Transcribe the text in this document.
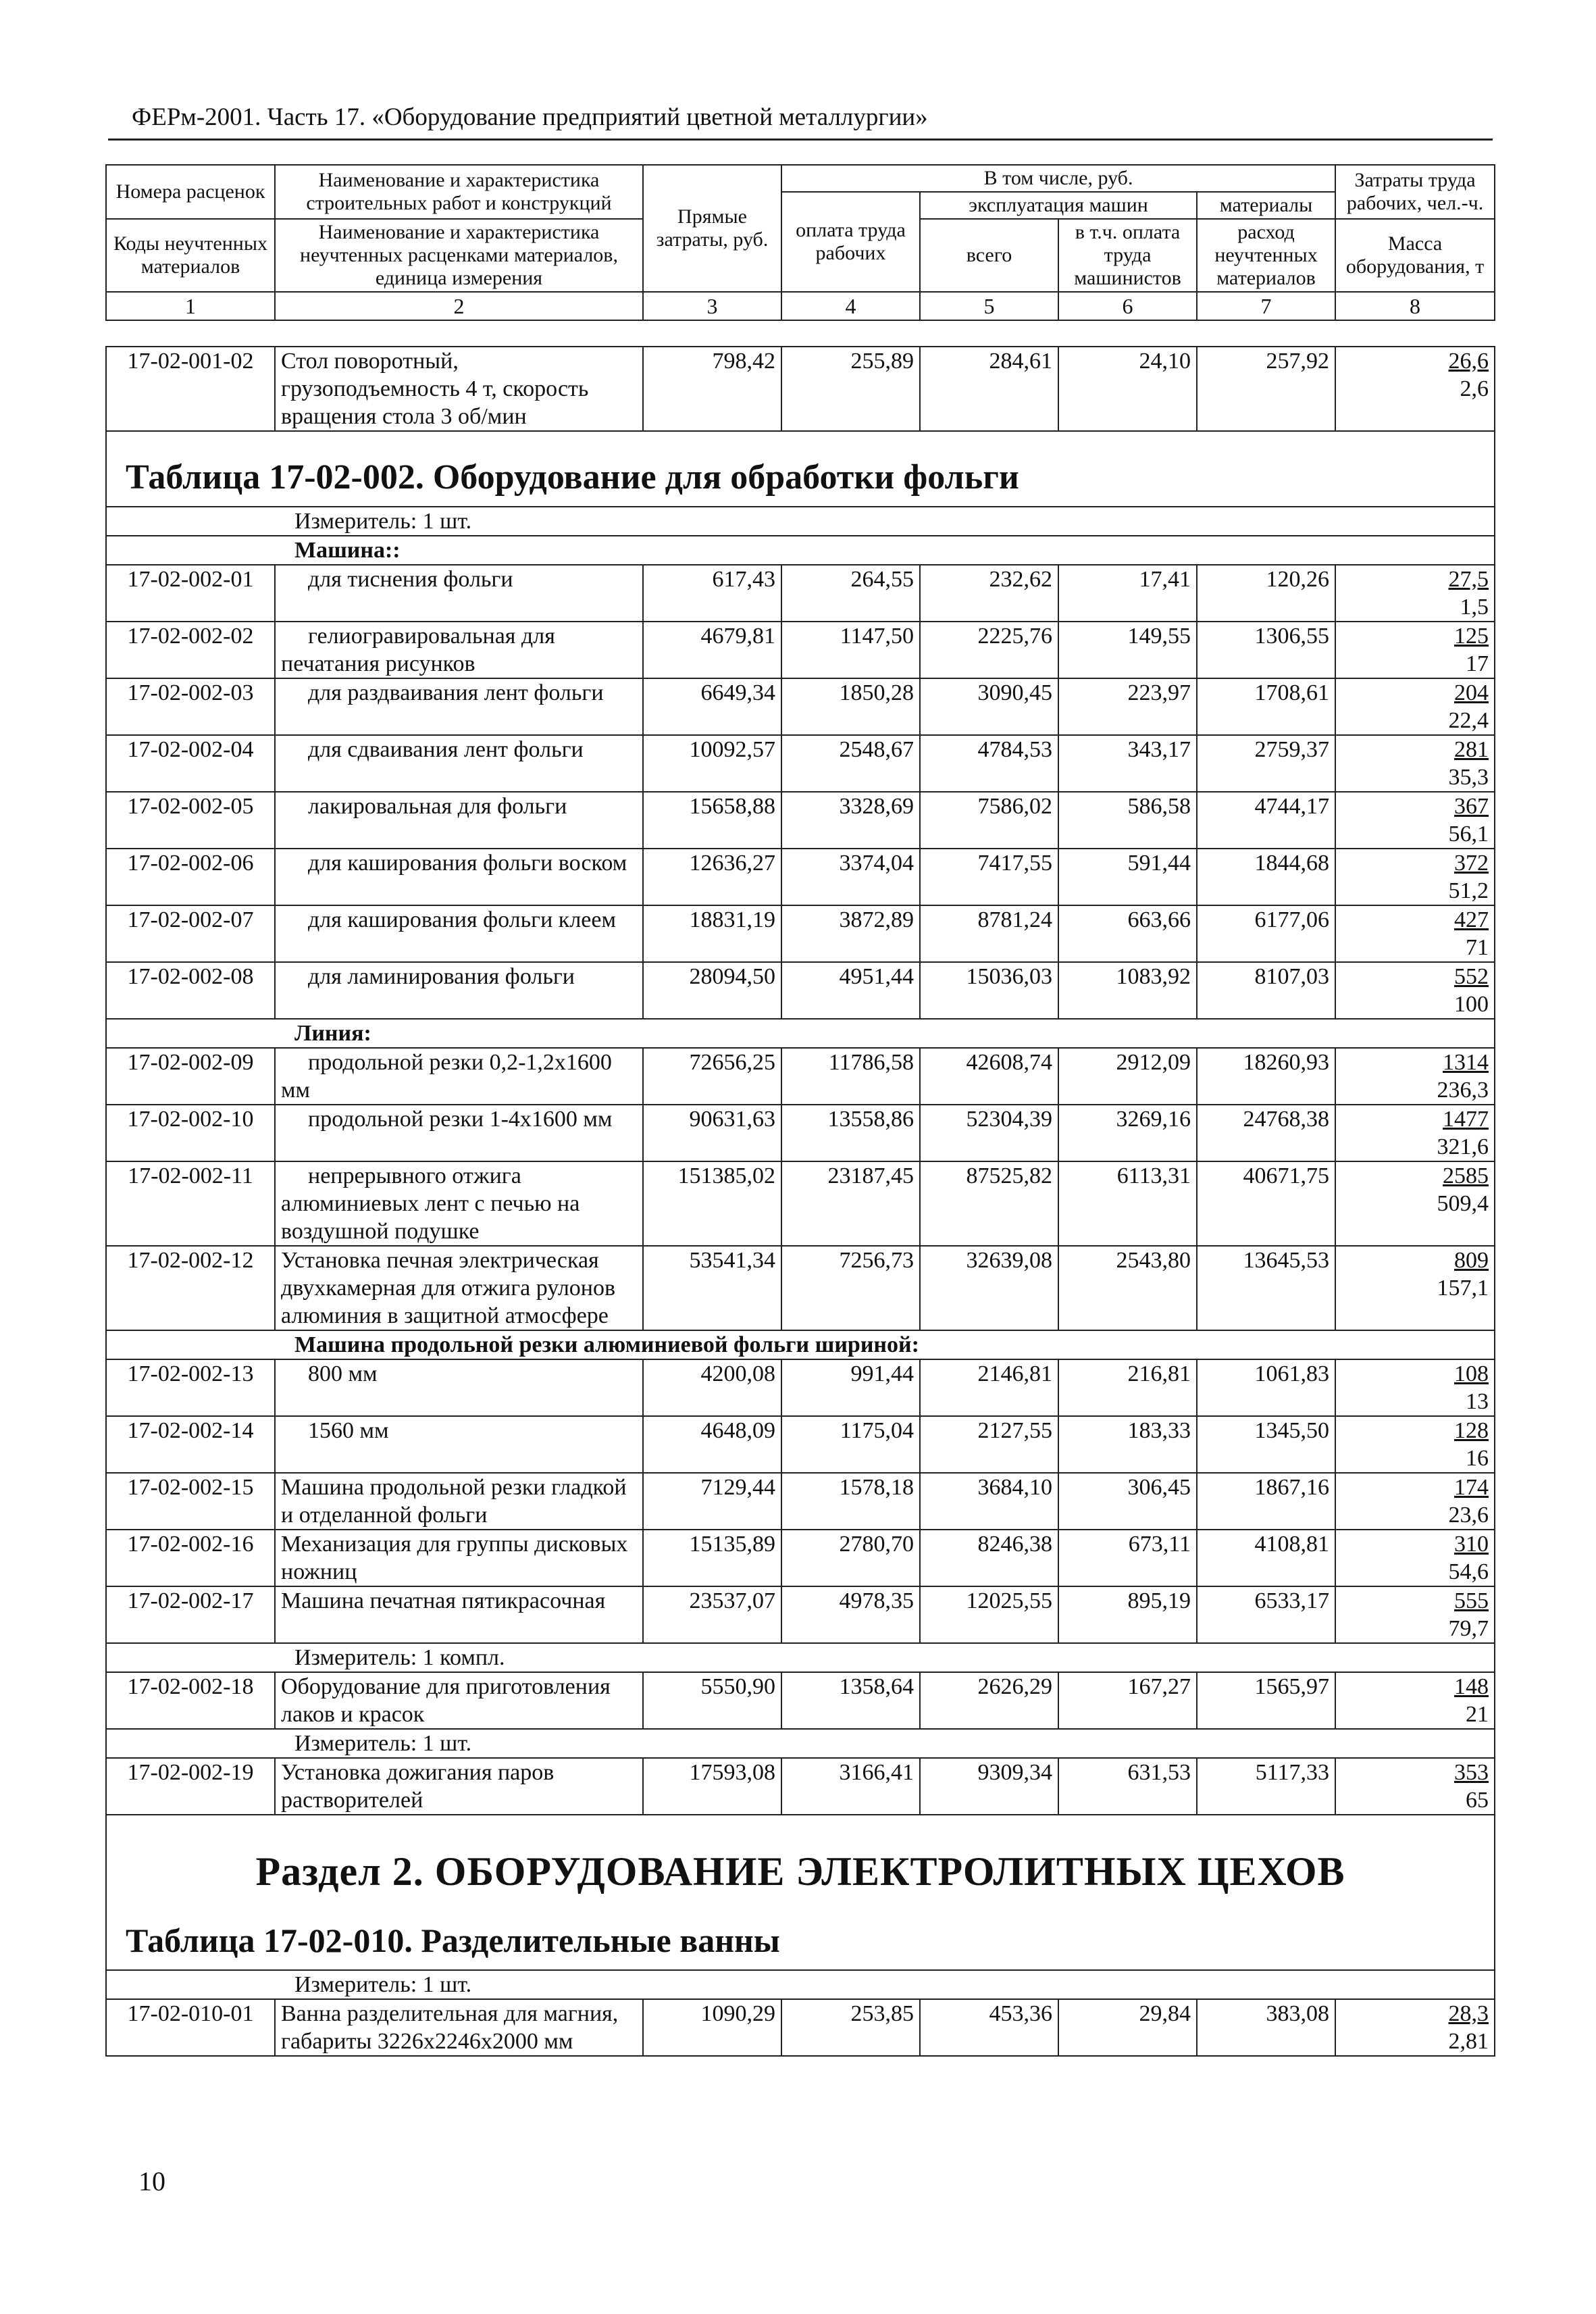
ФЕРм-2001. Часть 17. «Оборудование предприятий цветной металлургии»
Номера расценок	Наименование и характеристика строительных работ и конструкций	Прямые затраты, руб.	В том числе, руб.				Затраты труда рабочих, чел.-ч.
			оплата труда рабочих	эксплуатация машин		материалы	
Коды неучтенных материалов	Наименование и характеристика неучтенных расценками материалов, единица измерения			всего	в т.ч. оплата труда машинистов	расход неучтенных материалов	
							Масса оборудования, т
1	2	3	4	5	6	7	8
17-02-001-02	Стол поворотный, грузоподъемность 4 т, скорость вращения стола 3 об/мин	798,42	255,89	284,61	24,10	257,92	26,6
2,6

Таблица 17-02-002. Оборудование для обработки фольги							

Измеритель: 1 шт.							

Машина::							

17-02-002-01	для тиснения фольги	617,43	264,55	232,62	17,41	120,26	27,5
1,5

17-02-002-02	гелиогравировальная для печатания рисунков	4679,81	1147,50	2225,76	149,55	1306,55	125
17

17-02-002-03	для раздваивания лент фольги	6649,34	1850,28	3090,45	223,97	1708,61	204
22,4

17-02-002-04	для сдваивания лент фольги	10092,57	2548,67	4784,53	343,17	2759,37	281
35,3

17-02-002-05	лакировальная для фольги	15658,88	3328,69	7586,02	586,58	4744,17	367
56,1

17-02-002-06	для каширования фольги воском	12636,27	3374,04	7417,55	591,44	1844,68	372
51,2

17-02-002-07	для каширования фольги клеем	18831,19	3872,89	8781,24	663,66	6177,06	427
71

17-02-002-08	для ламинирования фольги	28094,50	4951,44	15036,03	1083,92	8107,03	552
100

Линия:							

17-02-002-09	продольной резки 0,2-1,2х1600 мм	72656,25	11786,58	42608,74	2912,09	18260,93	1314
236,3

17-02-002-10	продольной резки 1-4х1600 мм	90631,63	13558,86	52304,39	3269,16	24768,38	1477
321,6

17-02-002-11	непрерывного отжига алюминиевых лент с печью на воздушной подушке	151385,02	23187,45	87525,82	6113,31	40671,75	2585
509,4

17-02-002-12	Установка печная электрическая двухкамерная для отжига рулонов алюминия в защитной атмосфере	53541,34	7256,73	32639,08	2543,80	13645,53	809
157,1

Машина продольной резки алюминиевой фольги шириной:							

17-02-002-13	800 мм	4200,08	991,44	2146,81	216,81	1061,83	108
13

17-02-002-14	1560 мм	4648,09	1175,04	2127,55	183,33	1345,50	128
16

17-02-002-15	Машина продольной резки гладкой и отделанной фольги	7129,44	1578,18	3684,10	306,45	1867,16	174
23,6

17-02-002-16	Механизация для группы дисковых ножниц	15135,89	2780,70	8246,38	673,11	4108,81	310
54,6

17-02-002-17	Машина печатная пятикрасочная	23537,07	4978,35	12025,55	895,19	6533,17	555
79,7

Измеритель: 1 компл.							

17-02-002-18	Оборудование для приготовления лаков и красок	5550,90	1358,64	2626,29	167,27	1565,97	148
21

Измеритель: 1 шт.							

17-02-002-19	Установка дожигания паров растворителей	17593,08	3166,41	9309,34	631,53	5117,33	353
65

Раздел 2. ОБОРУДОВАНИЕ ЭЛЕКТРОЛИТНЫХ ЦЕХОВ							

Таблица 17-02-010. Разделительные ванны							

Измеритель: 1 шт.							

17-02-010-01	Ванна разделительная для магния, габариты 3226х2246х2000 мм	1090,29	253,85	453,36	29,84	383,08	28,3
2,81
10
